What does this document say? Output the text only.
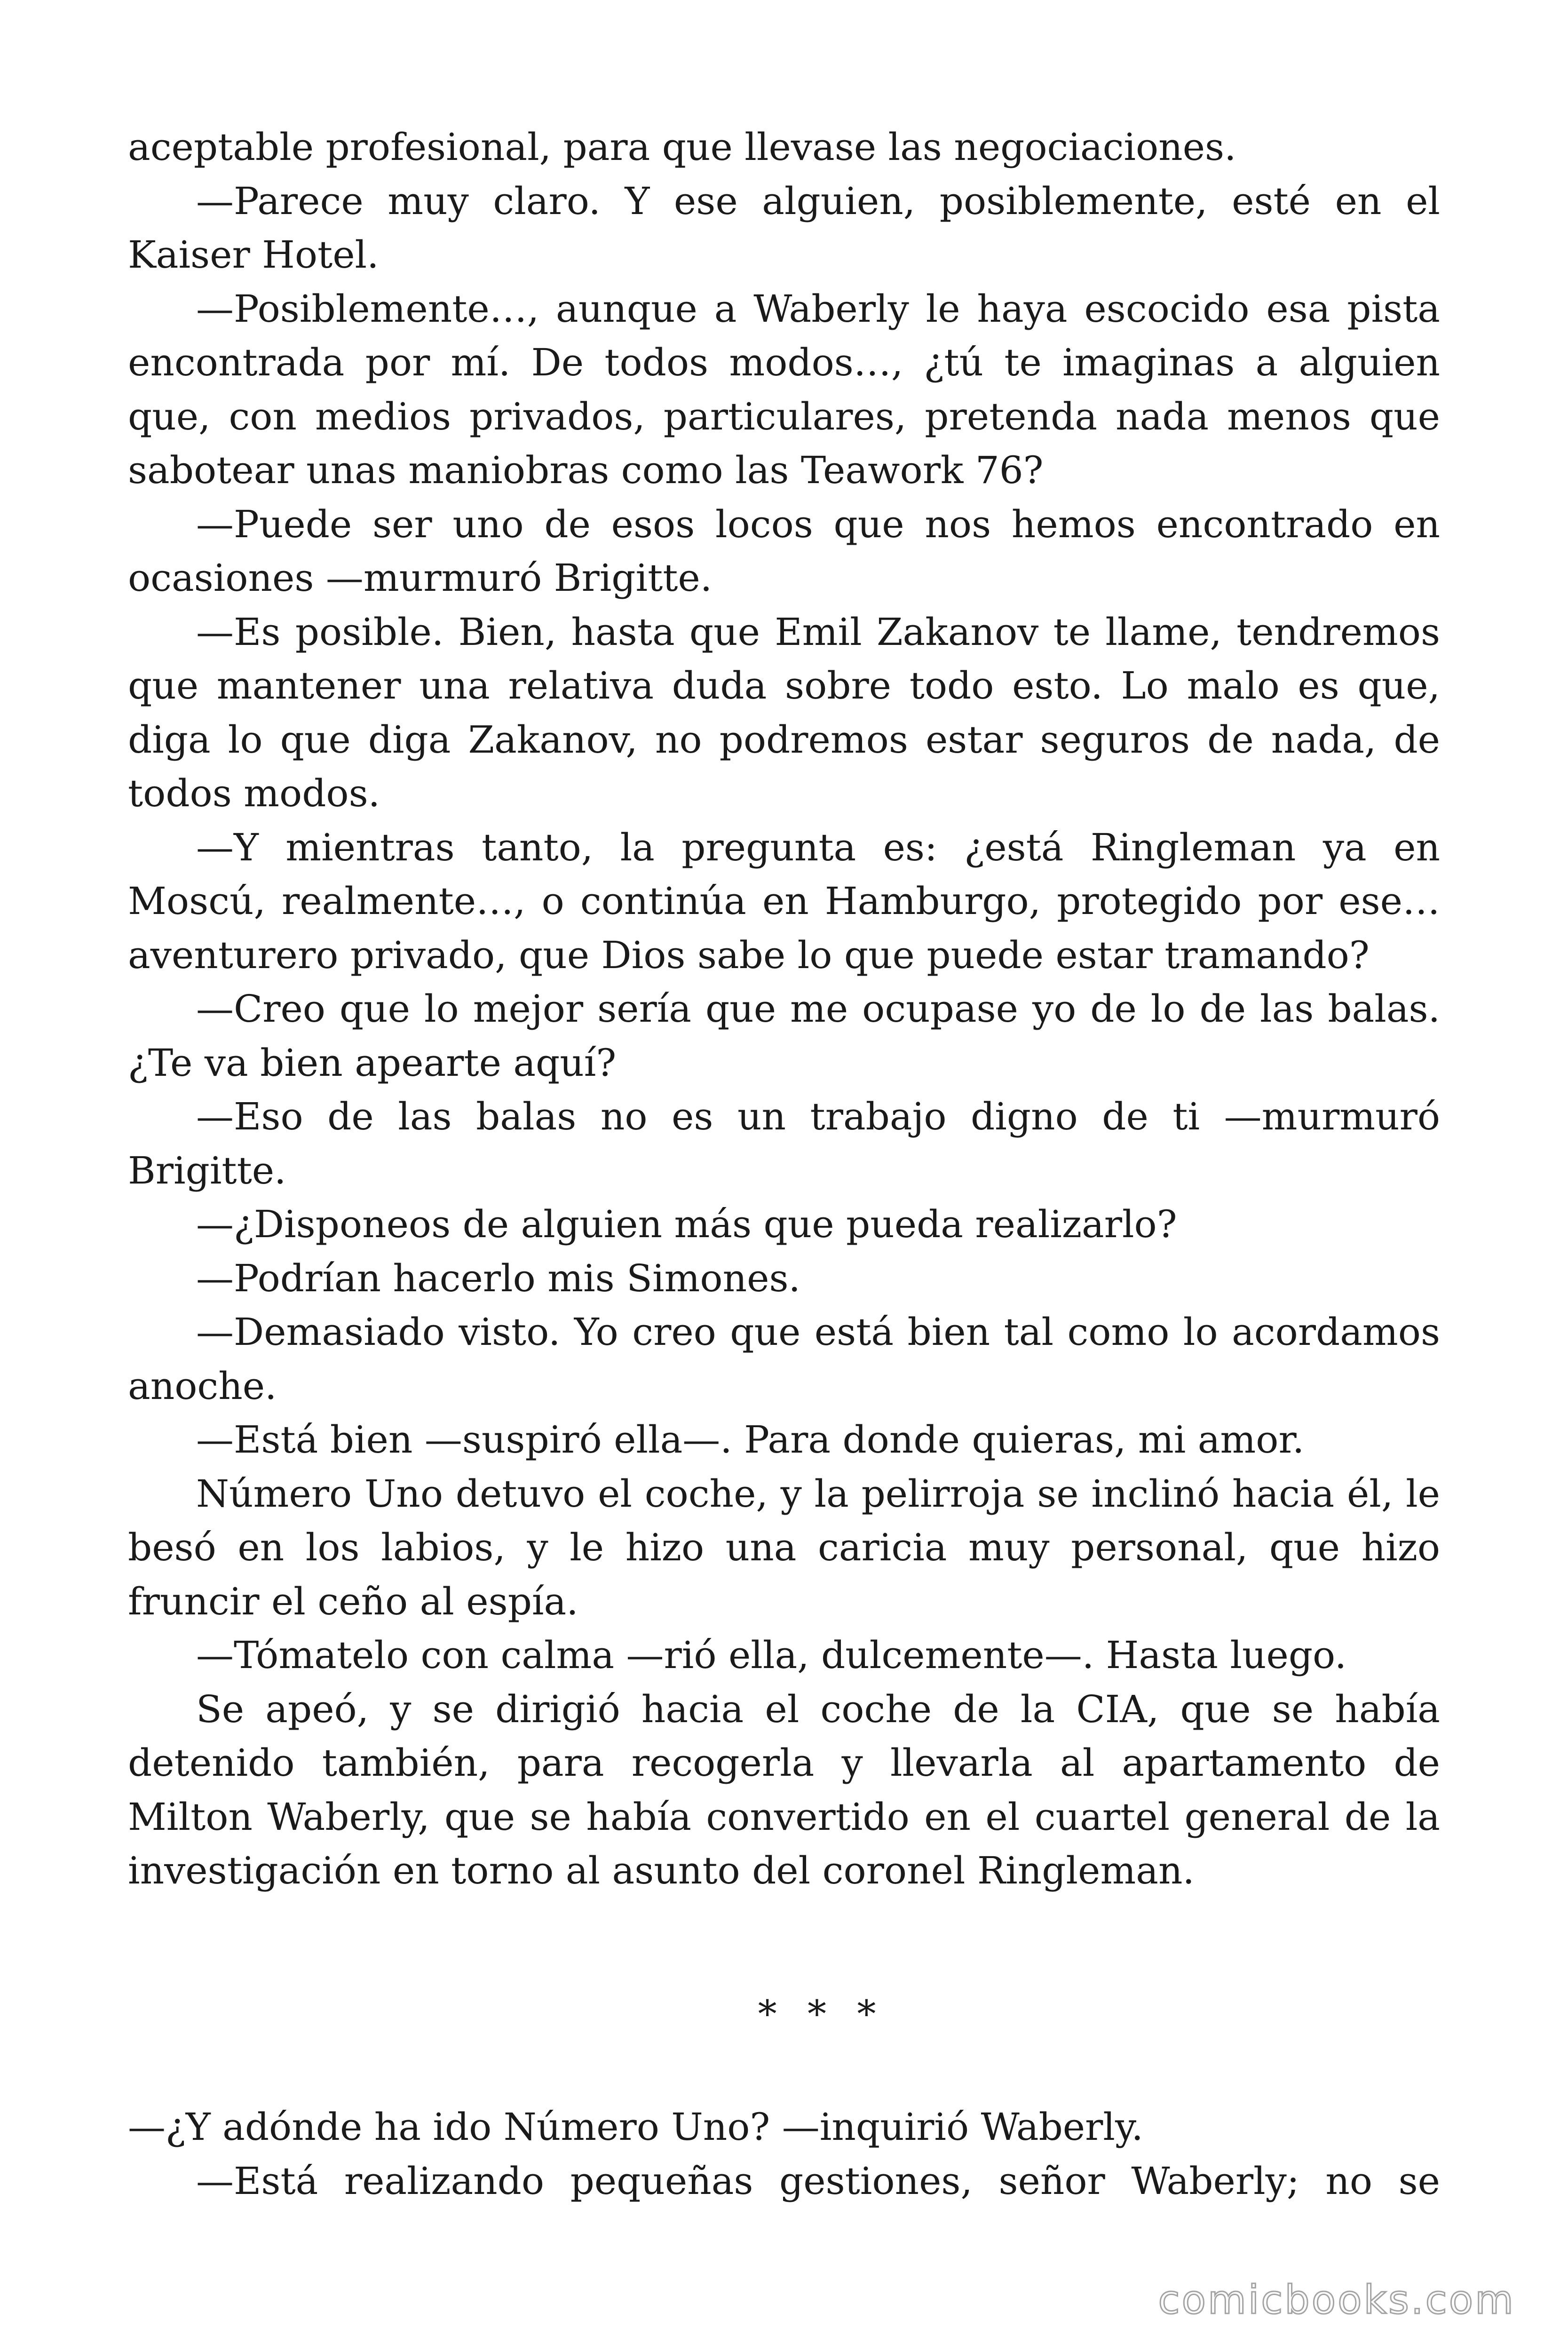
aceptable profesional, para que llevase las negociaciones.

—Parece muy claro. Y ese alguien, posiblemente, esté en el Kaiser Hotel.

—Posiblemente…, aunque a Waberly le haya escocido esa pista encontrada por mí. De todos modos…, ¿tú te imaginas a alguien que, con medios privados, particulares, pretenda nada menos que sabotear unas maniobras como las Teawork 76?

—Puede ser uno de esos locos que nos hemos encontrado en ocasiones —murmuró Brigitte.

—Es posible. Bien, hasta que Emil Zakanov te llame, tendremos que mantener una relativa duda sobre todo esto. Lo malo es que, diga lo que diga Zakanov, no podremos estar seguros de nada, de todos modos.

—Y mientras tanto, la pregunta es: ¿está Ringleman ya en Moscú, realmente…, o continúa en Hamburgo, protegido por ese… aventurero privado, que Dios sabe lo que puede estar tramando?

—Creo que lo mejor sería que me ocupase yo de lo de las balas. ¿Te va bien apearte aquí?

—Eso de las balas no es un trabajo digno de ti —murmuró Brigitte.

—¿Disponeos de alguien más que pueda realizarlo?

—Podrían hacerlo mis Simones.

—Demasiado visto. Yo creo que está bien tal como lo acordamos anoche.

—Está bien —suspiró ella—. Para donde quieras, mi amor.

Número Uno detuvo el coche, y la pelirroja se inclinó hacia él, le besó en los labios, y le hizo una caricia muy personal, que hizo fruncir el ceño al espía.

—Tómatelo con calma —rió ella, dulcemente—. Hasta luego.

Se apeó, y se dirigió hacia el coche de la CIA, que se había detenido también, para recogerla y llevarla al apartamento de Milton Waberly, que se había convertido en el cuartel general de la investigación en torno al asunto del coronel Ringleman.

* * *

—¿Y adónde ha ido Número Uno? —inquirió Waberly.

—Está realizando pequeñas gestiones, señor Waberly; no se

comicbooks.com
